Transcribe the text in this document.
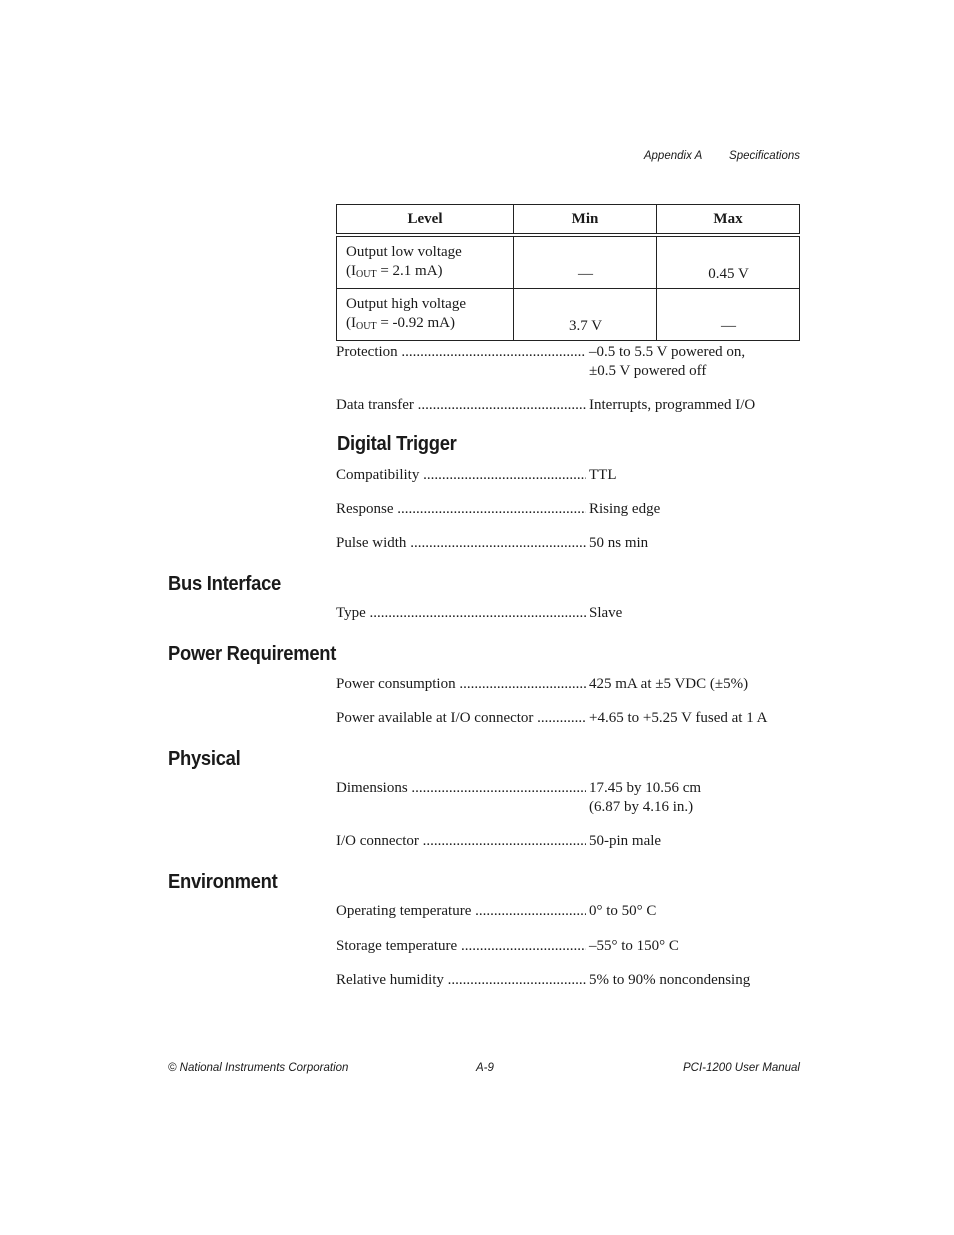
Appendix A Specifications
Level	Min	Max
Output low voltage
($I_{OUT} = 2.1$ mA)	—	0.45 V
Output high voltage
($I_{OUT} = -0.92$ mA)	3.7 V	—
Protection .....	–0.5 to 5.5 V powered on,
±0.5 V powered off
Data transfer .....	Interrupts, programmed I/O
Digital Trigger
Compatibility .....	TTL
Response .....	Rising edge
Pulse width .....	50 ns min
Bus Interface
Type .....	Slave
Power Requirement
Power consumption .....	425 mA at ±5 VDC (±5%)
Power available at I/O connector .....	+4.65 to +5.25 V fused at 1 A
Physical
Dimensions .....	17.45 by 10.56 cm
(6.87 by 4.16 in.)
I/O connector .....	50-pin male
Environment
Operating temperature .....	0° to 50° C
Storage temperature .....	–55° to 150° C
Relative humidity .....	5% to 90% noncondensing
© National Instruments Corporation	A-9	PCI-1200 User Manual
